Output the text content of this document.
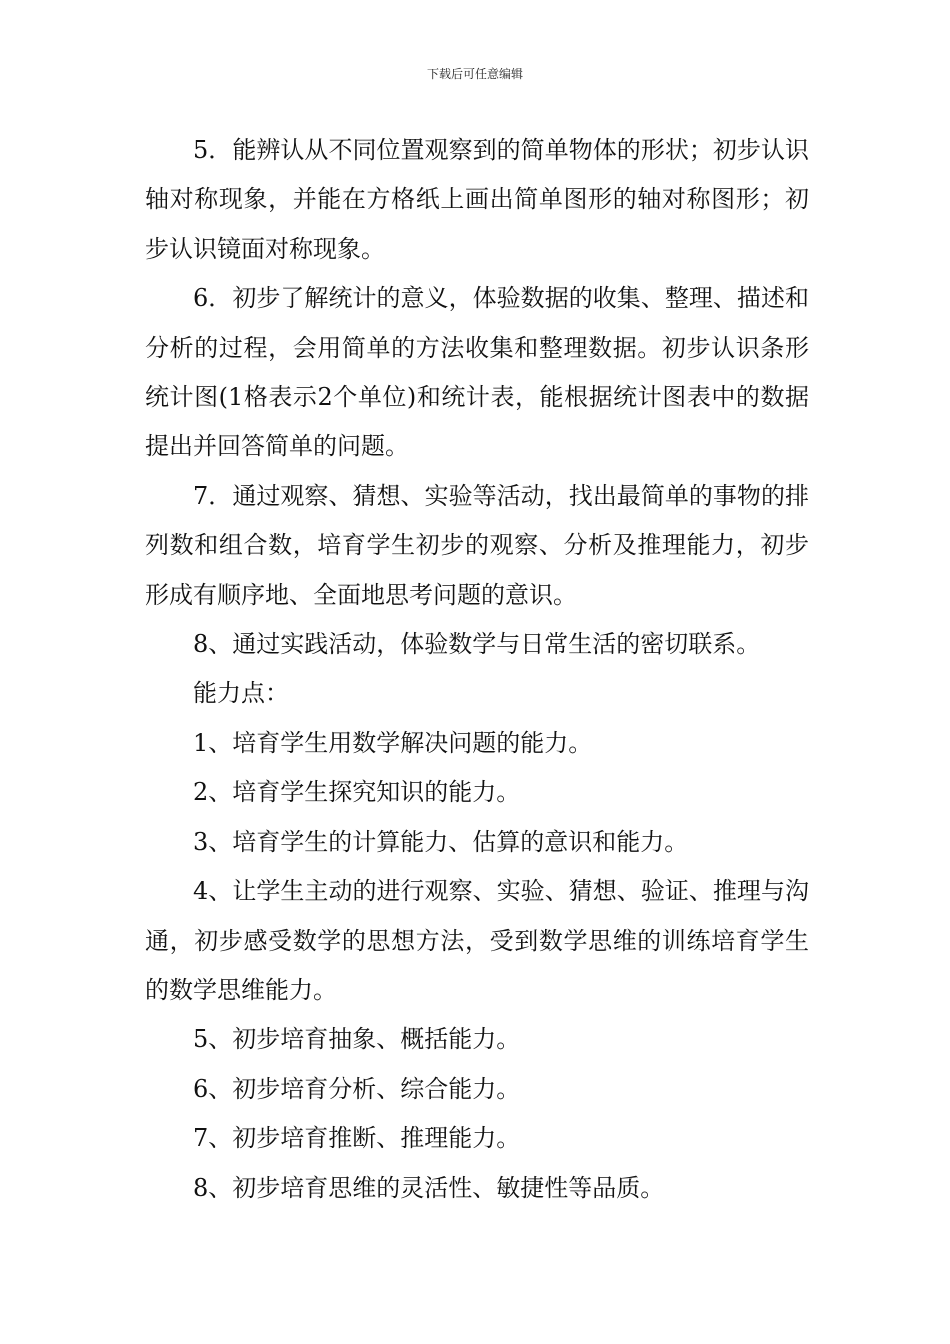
下载后可任意编辑

5．能辨认从不同位置观察到的简单物体的形状；初步认识轴对称现象，并能在方格纸上画出简单图形的轴对称图形；初步认识镜面对称现象。

6．初步了解统计的意义，体验数据的收集、整理、描述和分析的过程，会用简单的方法收集和整理数据。初步认识条形统计图(1格表示2个单位)和统计表，能根据统计图表中的数据提出并回答简单的问题。

7．通过观察、猜想、实验等活动，找出最简单的事物的排列数和组合数，培育学生初步的观察、分析及推理能力，初步形成有顺序地、全面地思考问题的意识。

8、通过实践活动，体验数学与日常生活的密切联系。

能力点：

1、培育学生用数学解决问题的能力。

2、培育学生探究知识的能力。

3、培育学生的计算能力、估算的意识和能力。

4、让学生主动的进行观察、实验、猜想、验证、推理与沟通，初步感受数学的思想方法，受到数学思维的训练培育学生的数学思维能力。

5、初步培育抽象、概括能力。

6、初步培育分析、综合能力。

7、初步培育推断、推理能力。

8、初步培育思维的灵活性、敏捷性等品质。
